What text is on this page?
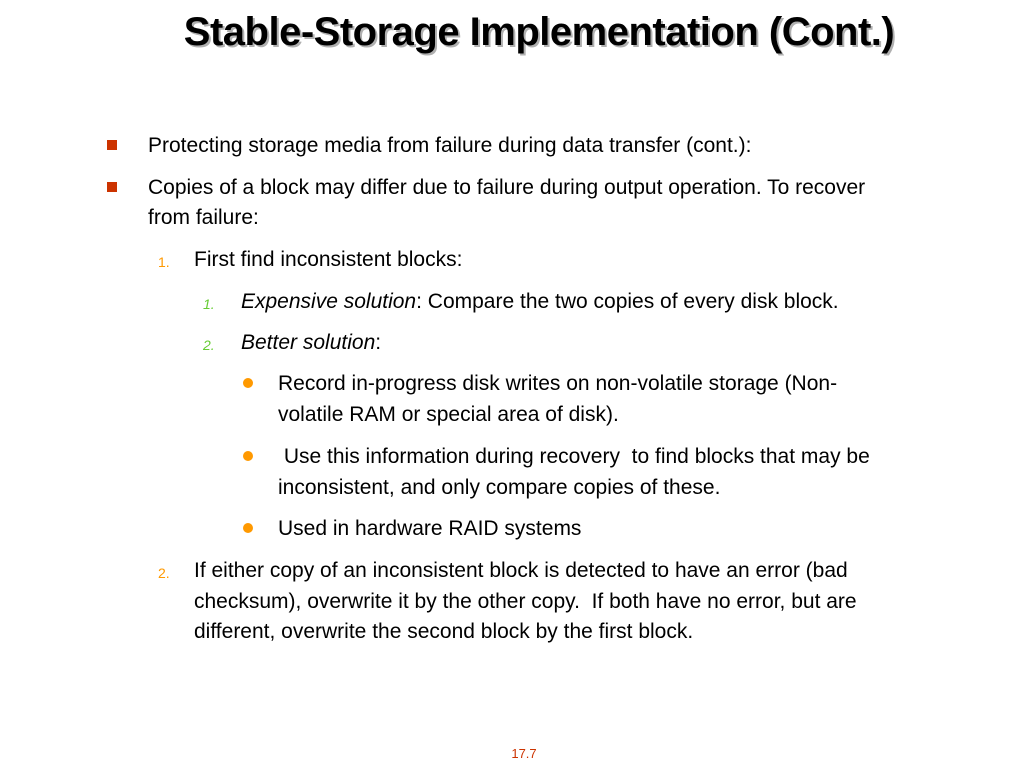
Stable-Storage Implementation (Cont.)
Protecting storage media from failure during data transfer (cont.):
Copies of a block may differ due to failure during output operation. To recover
from failure:
1. First find inconsistent blocks:
1. Expensive solution: Compare the two copies of every disk block.
2. Better solution:
Record in-progress disk writes on non-volatile storage (Non-
volatile RAM or special area of disk).
Use this information during recovery  to find blocks that may be
inconsistent, and only compare copies of these.
Used in hardware RAID systems
2. If either copy of an inconsistent block is detected to have an error (bad
checksum), overwrite it by the other copy.  If both have no error, but are
different, overwrite the second block by the first block.
17.7
